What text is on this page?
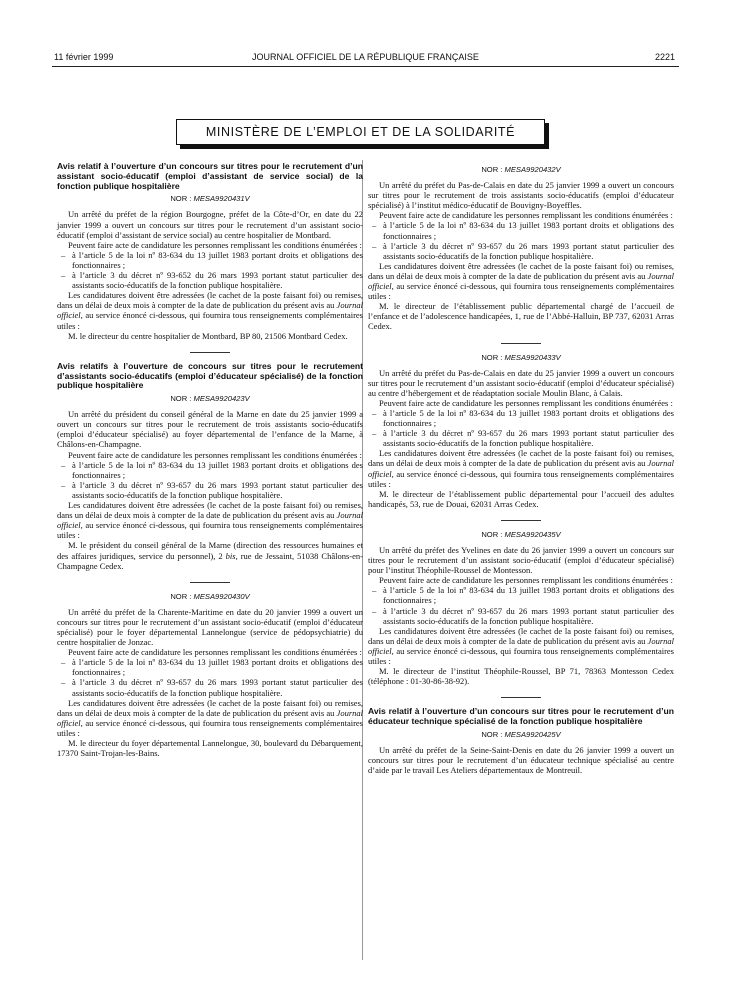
11 février 1999	JOURNAL OFFICIEL DE LA RÉPUBLIQUE FRANÇAISE	2221
MINISTÈRE DE L’EMPLOI ET DE LA SOLIDARITÉ
Avis relatif à l’ouverture d’un concours sur titres pour le recrutement d’un assistant socio-éducatif (emploi d’assistant de service social) de la fonction publique hospitalière
NOR : MESA9920431V

Un arrêté du préfet de la région Bourgogne, préfet de la Côte-d’Or, en date du 22 janvier 1999 a ouvert un concours sur titres pour le recrutement d’un assistant socio-éducatif (emploi d’assistant de service social) au centre hospitalier de Montbard.

Peuvent faire acte de candidature les personnes remplissant les conditions énumérées :

– à l’article 5 de la loi nº 83-634 du 13 juillet 1983 portant droits et obligations des fonctionnaires ;
– à l’article 3 du décret nº 93-652 du 26 mars 1993 portant statut particulier des assistants socio-éducatifs de la fonction publique hospitalière.

Les candidatures doivent être adressées (le cachet de la poste faisant foi) ou remises, dans un délai de deux mois à compter de la date de publication du présent avis au Journal officiel, au service énoncé ci-dessous, qui fournira tous renseignements complémentaires utiles :

M. le directeur du centre hospitalier de Montbard, BP 80, 21506 Montbard Cedex.

Avis relatifs à l’ouverture de concours sur titres pour le recrutement d’assistants socio-éducatifs (emploi d’éducateur spécialisé) de la fonction publique hospitalière
NOR : MESA9920423V

Un arrêté du président du conseil général de la Marne en date du 25 janvier 1999 a ouvert un concours sur titres pour le recrutement de trois assistants socio-éducatifs (emploi d’éducateur spécialisé) au foyer départemental de l’enfance de la Marne, à Châlons-en-Champagne.

Peuvent faire acte de candidature les personnes remplissant les conditions énumérées :

– à l’article 5 de la loi nº 83-634 du 13 juillet 1983 portant droits et obligations des fonctionnaires ;
– à l’article 3 du décret nº 93-657 du 26 mars 1993 portant statut particulier des assistants socio-éducatifs de la fonction publique hospitalière.

Les candidatures doivent être adressées (le cachet de la poste faisant foi) ou remises, dans un délai de deux mois à compter de la date de publication du présent avis au Journal officiel, au service énoncé ci-dessous, qui fournira tous renseignements complémentaires utiles :

M. le président du conseil général de la Marne (direction des ressources humaines et des affaires juridiques, service du personnel), 2 bis, rue de Jessaint, 51038 Châlons-en-Champagne Cedex.

NOR : MESA9920430V

Un arrêté du préfet de la Charente-Maritime en date du 20 janvier 1999 a ouvert un concours sur titres pour le recrutement d’un assistant socio-éducatif (emploi d’éducateur spécialisé) pour le foyer départemental Lannelongue (service de pédopsychiatrie) du centre hospitalier de Jonzac.

Peuvent faire acte de candidature les personnes remplissant les conditions énumérées :

– à l’article 5 de la loi nº 83-634 du 13 juillet 1983 portant droits et obligations des fonctionnaires ;
– à l’article 3 du décret nº 93-657 du 26 mars 1993 portant statut particulier des assistants socio-éducatifs de la fonction publique hospitalière.

Les candidatures doivent être adressées (le cachet de la poste faisant foi) ou remises, dans un délai de deux mois à compter de la date de publication du présent avis au Journal officiel, au service énoncé ci-dessous, qui fournira tous renseignements complémentaires utiles :

M. le directeur du foyer départemental Lannelongue, 30, boulevard du Débarquement, 17370 Saint-Trojan-les-Bains.

NOR : MESA9920432V

Un arrêté du préfet du Pas-de-Calais en date du 25 janvier 1999 a ouvert un concours sur titres pour le recrutement de trois assistants socio-éducatifs (emploi d’éducateur spécialisé) à l’institut médico-éducatif de Bouvigny-Boyeffles.

Peuvent faire acte de candidature les personnes remplissant les conditions énumérées :

– à l’article 5 de la loi nº 83-634 du 13 juillet 1983 portant droits et obligations des fonctionnaires ;
– à l’article 3 du décret nº 93-657 du 26 mars 1993 portant statut particulier des assistants socio-éducatifs de la fonction publique hospitalière.

Les candidatures doivent être adressées (le cachet de la poste faisant foi) ou remises, dans un délai de deux mois à compter de la date de publication du présent avis au Journal officiel, au service énoncé ci-dessous, qui fournira tous renseignements complémentaires utiles :

M. le directeur de l’établissement public départemental chargé de l’accueil de l’enfance et de l’adolescence handicapées, 1, rue de l’Abbé-Halluin, BP 737, 62031 Arras Cedex.

NOR : MESA9920433V

Un arrêté du préfet du Pas-de-Calais en date du 25 janvier 1999 a ouvert un concours sur titres pour le recrutement d’un assistant socio-éducatif (emploi d’éducateur spécialisé) au centre d’hébergement et de réadaptation sociale Moulin Blanc, à Calais.

Peuvent faire acte de candidature les personnes remplissant les conditions énumérées :

– à l’article 5 de la loi nº 83-634 du 13 juillet 1983 portant droits et obligations des fonctionnaires ;
– à l’article 3 du décret nº 93-657 du 26 mars 1993 portant statut particulier des assistants socio-éducatifs de la fonction publique hospitalière.

Les candidatures doivent être adressées (le cachet de la poste faisant foi) ou remises, dans un délai de deux mois à compter de la date de publication du présent avis au Journal officiel, au service énoncé ci-dessous, qui fournira tous renseignements complémentaires utiles :

M. le directeur de l’établissement public départemental pour l’accueil des adultes handicapés, 53, rue de Douai, 62031 Arras Cedex.

NOR : MESA9920435V

Un arrêté du préfet des Yvelines en date du 26 janvier 1999 a ouvert un concours sur titres pour le recrutement d’un assistant socio-éducatif (emploi d’éducateur spécialisé) pour l’institut Théophile-Roussel de Montesson.

Peuvent faire acte de candidature les personnes remplissant les conditions énumérées :

– à l’article 5 de la loi nº 83-634 du 13 juillet 1983 portant droits et obligations des fonctionnaires ;
– à l’article 3 du décret nº 93-657 du 26 mars 1993 portant statut particulier des assistants socio-éducatifs de la fonction publique hospitalière.

Les candidatures doivent être adressées (le cachet de la poste faisant foi) ou remises, dans un délai de deux mois à compter de la date de publication du présent avis au Journal officiel, au service énoncé ci-dessous, qui fournira tous renseignements complémentaires utiles :

M. le directeur de l’institut Théophile-Roussel, BP 71, 78363 Montesson Cedex (téléphone : 01-30-86-38-92).

Avis relatif à l’ouverture d’un concours sur titres pour le recrutement d’un éducateur technique spécialisé de la fonction publique hospitalière
NOR : MESA9920425V

Un arrêté du préfet de la Seine-Saint-Denis en date du 26 janvier 1999 a ouvert un concours sur titres pour le recrutement d’un éducateur technique spécialisé au centre d’aide par le travail Les Ateliers départementaux de Montreuil.
